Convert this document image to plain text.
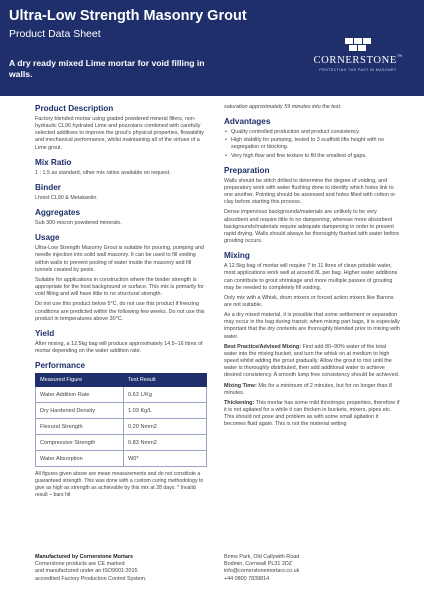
Ultra-Low Strength Masonry Grout
Product Data Sheet
A dry ready mixed Lime mortar for void filling in walls.
CORNERSTONE™
PROTECTING THE PAST IN MASONRY
Product Description

Factory blended mortar using graded powdered mineral fillers, non-hydraulic CL90 hydrated Lime and pozzolans combined with carefully selected additives to improve the grout’s physical properties, flowability and mechanical performance, whilst maintaining all of the virtues of a Lime grout.

Mix Ratio

1 : 1.5 as standard, other mix ratios available on request.

Binder

Lhoist CL90 & Metakaolin.

Aggregates

Sub 300-micron powdered minerals.

Usage

Ultra-Low Strength Masonry Grout is suitable for pouring, pumping and needle injection into solid wall masonry. It can be used to fill voiding within walls to prevent pooling of water inside the masonry and fill tunnels created by pests.

Suitable for applications in construction where the binder strength is appropriate for the host background or surface. This mix is primarily for void filling and will have little to no structural strength.

Do not use this product below 5°C, do not use this product if freezing conditions are predicted within the following few weeks. Do not use this product in temperatures above 30°C.

Yield

After mixing, a 12.5kg bag will produce approximately 14.5–16 litres of mortar depending on the water addition rate.

Performance
Measured Figure	Test Result
Water Addition Rate	0.63 L/Kg
Dry Hardened Density	1.03 Kg/L
Flexural Strength	0.20 Nmm2
Compressive Strength	0.83 Nmm2
Water Absorption	W0*

All figures given above are mean measurements and do not constitute a guaranteed strength. This was done with a custom curing methodology to give as high as strength as achievable by this mix at 28 days. * Invalid result – bars hit

saturation approximately 59 minutes into the test.

Advantages
• Quality controlled production and product consistency.
• High stability for pumping, tested to 3 scaffold lifts height with no segregation or blocking.
• Very high flow and fine texture to fill the smallest of gaps.
Preparation

Walls should be stitch drilled to determine the degree of voiding, and preparatory work with water flushing done to identify which holes link to one another. Pointing should be assessed and holes filled with cotton or clay before starting this process.

Dense impervious backgrounds/materials are unlikely to be very absorbent and require little to no dampening, whereas more absorbent backgrounds/materials require adequate dampening in order to prevent rapid drying. Walls should always be thoroughly flushed with water before grouting occurs.

Mixing

A 12.5kg bag of mortar will require 7 to 11 litres of clean potable water, most applications work well at around 8L per bag. Higher water additions can contribute to grout shrinkage and more multiple passes of grouting may be needed to completely fill voiding.

Only mix with a Whisk, drum mixers or forced action mixers like Barons are not suitable.

As a dry mixed material, it is possible that some settlement or separation may occur in the bag during transit; when mixing part bags, it is especially important that the dry contents are thoroughly blended prior to mixing with water.

Best Practice/Advised Mixing: First add 80–90% water of the total water into the mixing bucket, and turn the whisk on at medium to high speed whilst adding the grout gradually. Allow the grout to mix until the water is thoroughly distributed, then add additional water to achieve desired consistency. A smooth lump free consistency should be achieved.

Mixing Time: Mix for a minimum of 2 minutes, but for no longer than 8 minutes.

Thickening: This mortar has some mild thixotropic properties, therefore if it is not agitated for a while it can thicken in buckets, mixers, pipes etc. This should not pose and problem as with some small agitation it becomes fluid again. This is not the material setting

Manufactured by Cornerstone Mortars
Cornerstone products are CE marked
and manufactured under an ISO9001:2015
accredited Factory Production Control System.
Brims Park, Old Callywith Road
Bodmin, Cornwall PL31 2DZ
info@cornerstonemortars.co.uk
+44 0800 7839814
